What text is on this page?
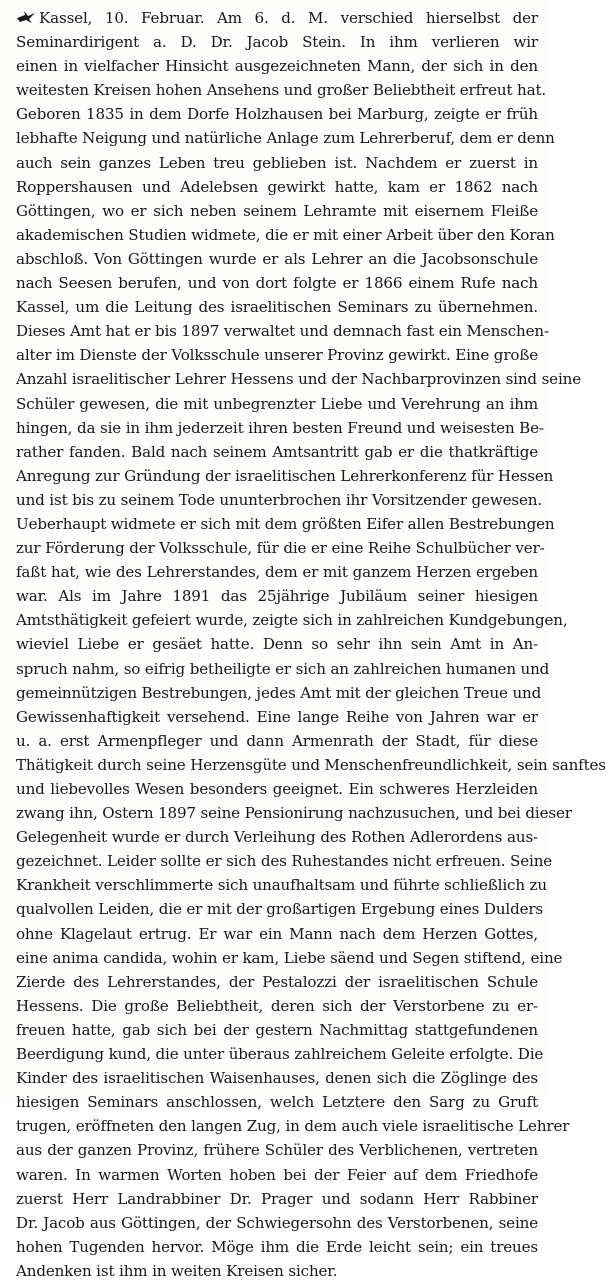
Kassel, 10. Februar. Am 6. d. M. verschied hierselbst der
Seminardirigent a. D. Dr. Jacob Stein. In ihm verlieren wir
einen in vielfacher Hinsicht ausgezeichneten Mann, der sich in den
weitesten Kreisen hohen Ansehens und großer Beliebtheit erfreut hat.
Geboren 1835 in dem Dorfe Holzhausen bei Marburg, zeigte er früh
lebhafte Neigung und natürliche Anlage zum Lehrerberuf, dem er denn
auch sein ganzes Leben treu geblieben ist. Nachdem er zuerst in
Roppershausen und Adelebsen gewirkt hatte, kam er 1862 nach
Göttingen, wo er sich neben seinem Lehramte mit eisernem Fleiße
akademischen Studien widmete, die er mit einer Arbeit über den Koran
abschloß. Von Göttingen wurde er als Lehrer an die Jacobsonschule
nach Seesen berufen, und von dort folgte er 1866 einem Rufe nach
Kassel, um die Leitung des israelitischen Seminars zu übernehmen.
Dieses Amt hat er bis 1897 verwaltet und demnach fast ein Menschen-
alter im Dienste der Volksschule unserer Provinz gewirkt. Eine große
Anzahl israelitischer Lehrer Hessens und der Nachbarprovinzen sind seine
Schüler gewesen, die mit unbegrenzter Liebe und Verehrung an ihm
hingen, da sie in ihm jederzeit ihren besten Freund und weisesten Be-
rather fanden. Bald nach seinem Amtsantritt gab er die thatkräftige
Anregung zur Gründung der israelitischen Lehrerkonferenz für Hessen
und ist bis zu seinem Tode ununterbrochen ihr Vorsitzender gewesen.
Ueberhaupt widmete er sich mit dem größten Eifer allen Bestrebungen
zur Förderung der Volksschule, für die er eine Reihe Schulbücher ver-
faßt hat, wie des Lehrerstandes, dem er mit ganzem Herzen ergeben
war. Als im Jahre 1891 das 25jährige Jubiläum seiner hiesigen
Amtsthätigkeit gefeiert wurde, zeigte sich in zahlreichen Kundgebungen,
wieviel Liebe er gesäet hatte. Denn so sehr ihn sein Amt in An-
spruch nahm, so eifrig betheiligte er sich an zahlreichen humanen und
gemeinnützigen Bestrebungen, jedes Amt mit der gleichen Treue und
Gewissenhaftigkeit versehend. Eine lange Reihe von Jahren war er
u. a. erst Armenpfleger und dann Armenrath der Stadt, für diese
Thätigkeit durch seine Herzensgüte und Menschenfreundlichkeit, sein sanftes
und liebevolles Wesen besonders geeignet. Ein schweres Herzleiden
zwang ihn, Ostern 1897 seine Pensionirung nachzusuchen, und bei dieser
Gelegenheit wurde er durch Verleihung des Rothen Adlerordens aus-
gezeichnet. Leider sollte er sich des Ruhestandes nicht erfreuen. Seine
Krankheit verschlimmerte sich unaufhaltsam und führte schließlich zu
qualvollen Leiden, die er mit der großartigen Ergebung eines Dulders
ohne Klagelaut ertrug. Er war ein Mann nach dem Herzen Gottes,
eine anima candida, wohin er kam, Liebe säend und Segen stiftend, eine
Zierde des Lehrerstandes, der Pestalozzi der israelitischen Schule
Hessens. Die große Beliebtheit, deren sich der Verstorbene zu er-
freuen hatte, gab sich bei der gestern Nachmittag stattgefundenen
Beerdigung kund, die unter überaus zahlreichem Geleite erfolgte. Die
Kinder des israelitischen Waisenhauses, denen sich die Zöglinge des
hiesigen Seminars anschlossen, welch Letztere den Sarg zu Gruft
trugen, eröffneten den langen Zug, in dem auch viele israelitische Lehrer
aus der ganzen Provinz, frühere Schüler des Verblichenen, vertreten
waren. In warmen Worten hoben bei der Feier auf dem Friedhofe
zuerst Herr Landrabbiner Dr. Prager und sodann Herr Rabbiner
Dr. Jacob aus Göttingen, der Schwiegersohn des Verstorbenen, seine
hohen Tugenden hervor. Möge ihm die Erde leicht sein; ein treues
Andenken ist ihm in weiten Kreisen sicher.
